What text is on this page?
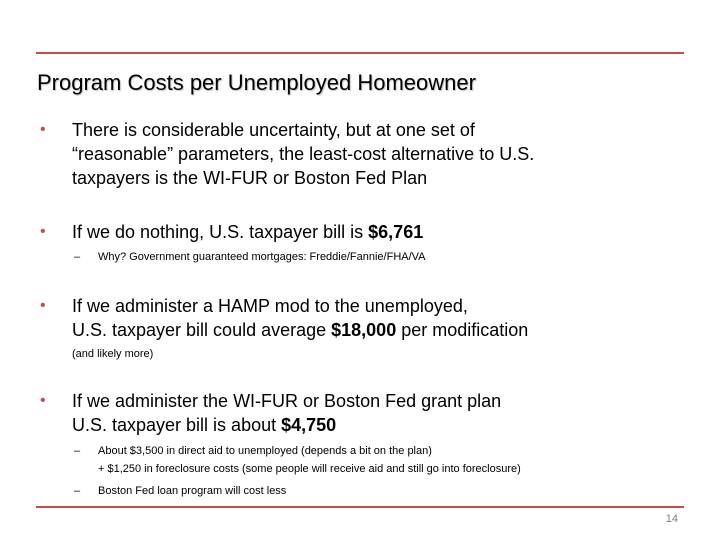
Program Costs per Unemployed Homeowner
• There is considerable uncertainty, but at one set of
“reasonable” parameters, the least-cost alternative to U.S.
taxpayers is the WI-FUR or Boston Fed Plan
• If we do nothing, U.S. taxpayer bill is $6,761
– Why? Government guaranteed mortgages: Freddie/Fannie/FHA/VA
• If we administer a HAMP mod to the unemployed,
U.S. taxpayer bill could average $18,000 per modification
(and likely more)
• If we administer the WI-FUR or Boston Fed grant plan
U.S. taxpayer bill is about $4,750
– About $3,500 in direct aid to unemployed (depends a bit on the plan)
+ $1,250 in foreclosure costs (some people will receive aid and still go into foreclosure)
– Boston Fed loan program will cost less
14
